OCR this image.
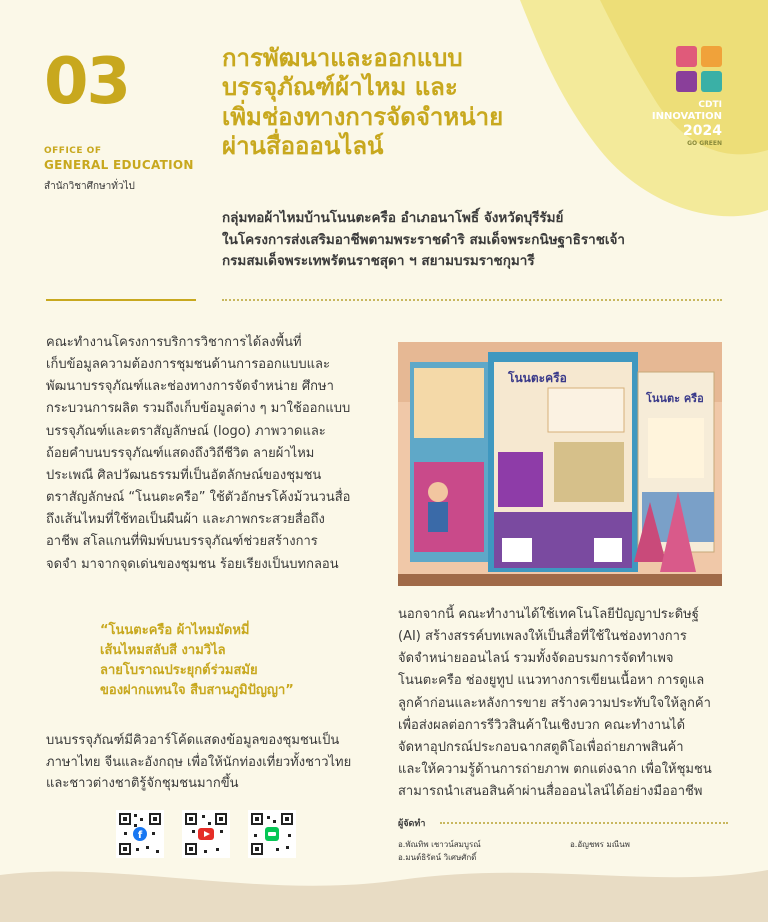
03
OFFICE OF
GENERAL EDUCATION
สำนักวิชาศึกษาทั่วไป
CDTI
INNOVATION
2024
GO GREEN
การพัฒนาและออกแบบ
บรรจุภัณฑ์ผ้าไหม และ
เพิ่มช่องทางการจัดจำหน่าย
ผ่านสื่อออนไลน์
กลุ่มทอผ้าไหมบ้านโนนตะครือ อำเภอนาโพธิ์ จังหวัดบุรีรัมย์
ในโครงการส่งเสริมอาชีพตามพระราชดำริ สมเด็จพระกนิษฐาธิราชเจ้า
กรมสมเด็จพระเทพรัตนราชสุดา ฯ สยามบรมราชกุมารี
คณะทำงานโครงการบริการวิชาการได้ลงพื้นที่
เก็บข้อมูลความต้องการชุมชนด้านการออกแบบและ
พัฒนาบรรจุภัณฑ์และช่องทางการจัดจำหน่าย ศึกษา
กระบวนการผลิต รวมถึงเก็บข้อมูลต่าง ๆ มาใช้ออกแบบ
บรรจุภัณฑ์และตราสัญลักษณ์ (logo) ภาพวาดและ
ถ้อยคำบนบรรจุภัณฑ์แสดงถึงวิถีชีวิต ลายผ้าไหม
ประเพณี ศิลปวัฒนธรรมที่เป็นอัตลักษณ์ของชุมชน
ตราสัญลักษณ์ “โนนตะครือ” ใช้ตัวอักษรโค้งม้วนวนสื่อ
ถึงเส้นไหมที่ใช้ทอเป็นผืนผ้า และภาพกระสวยสื่อถึง
อาชีพ สโลแกนที่พิมพ์บนบรรจุภัณฑ์ช่วยสร้างการ
จดจำ มาจากจุดเด่นของชุมชน ร้อยเรียงเป็นบทกลอน
“โนนตะครือ ผ้าไหมมัดหมี่
เส้นไหมสลับสี งามวิไล
ลายโบราณประยุกต์ร่วมสมัย
ของฝากแทนใจ สืบสานภูมิปัญญา”
บนบรรจุภัณฑ์มีคิวอาร์โค้ดแสดงข้อมูลของชุมชนเป็น
ภาษาไทย จีนและอังกฤษ เพื่อให้นักท่องเที่ยวทั้งชาวไทย
และชาวต่างชาติรู้จักชุมชนมากขึ้น
f
โนนตะครือ
โนนตะ ครือ
นอกจากนี้ คณะทำงานได้ใช้เทคโนโลยีปัญญาประดิษฐ์
(AI) สร้างสรรค์บทเพลงให้เป็นสื่อที่ใช้ในช่องทางการ
จัดจำหน่ายออนไลน์ รวมทั้งจัดอบรมการจัดทำเพจ
โนนตะครือ ช่องยูทูป แนวทางการเขียนเนื้อหา การดูแล
ลูกค้าก่อนและหลังการขาย สร้างความประทับใจให้ลูกค้า
เพื่อส่งผลต่อการรีวิวสินค้าในเชิงบวก คณะทำงานได้
จัดหาอุปกรณ์ประกอบฉากสตูดิโอเพื่อถ่ายภาพสินค้า
และให้ความรู้ด้านการถ่ายภาพ ตกแต่งฉาก เพื่อให้ชุมชน
สามารถนำเสนอสินค้าผ่านสื่อออนไลน์ได้อย่างมืออาชีพ
ผู้จัดทำ
อ.พัณทิพ เชาวน์สมบูรณ์	อ.อัญชพร มณีนพ
อ.มนต์ธิรัตน์ วิเศษศักดิ์
